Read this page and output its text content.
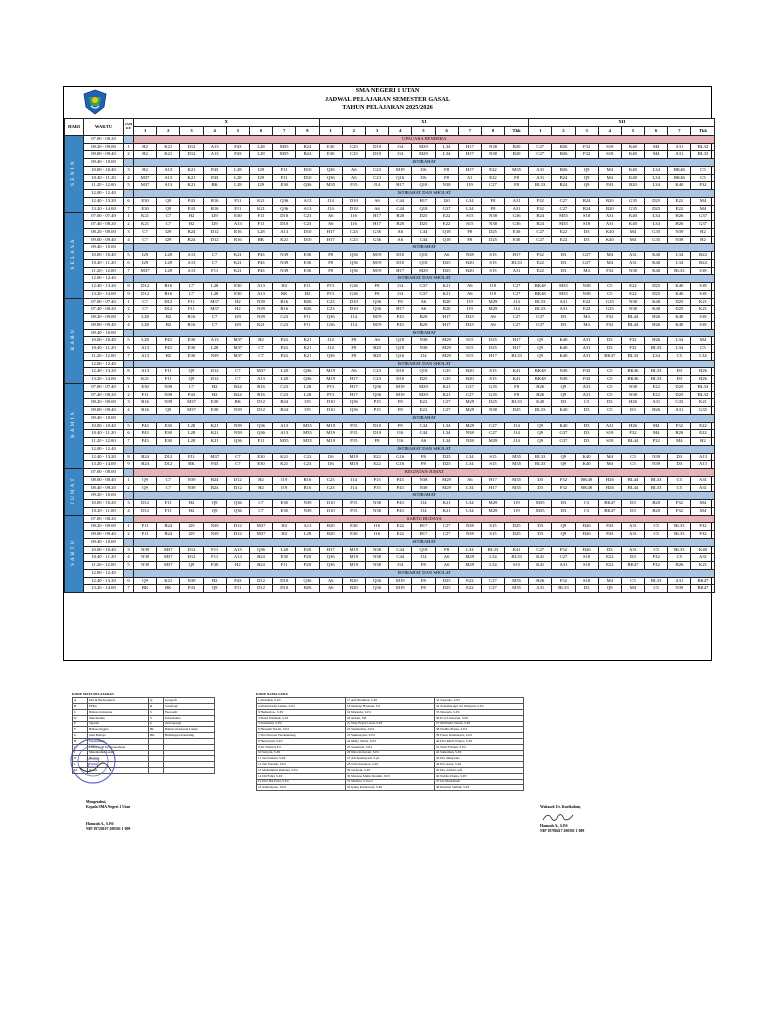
SMA NEGERI 1 UTAN
JADWAL PELAJARAN SEMESTER GASAL
TAHUN PELAJARAN 2025/2026
HARI	WAKTU	JAM KE	X								XI									XII								
			1	2	3	4	5	6	7	8	1	2	3	4	5	6	7	8	Tkk	1	2	3	4	5	6	7	Tkk	
S E N I N	07.00 - 08.20		UPACARA BENDERA																									
	08.20 - 09.00	1	H2	K21	D12	A13	P43	L28	M35	B24	E30	C23	D10	J14	M29	L34	H17	N38	B20	C27	H26	F32	S18	K40	M4	A31	BL33	
	09.00 - 09.40	2	H2	K21	D12	A13	P43	L28	M35	B24	E30	C23	D10	J14	M29	L34	H17	N38	B20	C27	H26	F32	S18	K40	M4	A31	BL33	
	09.40 - 10.00		ISTIRAHAT																									
	10.00 - 10.40	3	H2	A13	K21	P43	L28	I29	F11	D10	Q36	A6	C23	M19	I16	F8	H17	E22	M35	A31	H26	Q9	M4	K40	L34	BK46	C5	
	10.40 - 11.20	4	M37	A13	K21	P43	L28	I29	F11	D10	Q36	A6	C23	Q16	I16	F8	A1	E22	F8	A31	B24	Q9	M4	K40	L34	BK46	C5	
	11.20 - 12.00	5	M37	A13	K21	BK	L28	I29	E30	Q36	M35	P15	J14	H17	Q18	N38	I19	C27	F8	BL33	B24	Q9	P43	B20	L34	K40	F32	
	12.00 - 12.40		ISTIRAHAT DAN SHOLAT																									
	12.40 - 13.20	6	E30	Q9	P43	R16	F11	K21	Q36	A13	J14	D10	A6	C44	H17	I20	L34	F8	A31	F32	C27	B24	B20	G35	D25	E22	M4	
	13.20 - 14.00	7	E30	Q9	P43	R16	F11	K21	Q36	A13	J14	D10	A6	C44	Q18	G37	L34	F8	A31	F32	C27	B24	B20	G35	D25	E22	M4	
S E L A S A	07.00 - 07.40	1	K21	C7	H2	I29	E30	F11	D10	C23	A6	I16	H17	B20	D25	E22	S15	N38	G36	B24	M35	S18	A31	K40	L34	H26	G37	
	07.40 - 08.20	2	K21	C7	H2	I29	A13	F11	D10	C23	A6	I16	H17	B20	D25	E22	S15	N38	G36	B24	M35	S18	A31	K40	L34	H26	G37	
	08.20 - 09.00	3	C7	I29	B24	D12	R16	L28	A13	D10	H17	C23	G36	A6	C44	Q18	F8	D25	E30	C27	E22	D3	K40	M4	G35	N39	H2	
	09.00 - 09.40	4	C7	I29	B24	D12	R16	BK	K21	D10	H17	C23	G36	A6	C44	Q18	F8	D25	E30	C27	E22	D3	K40	M4	G35	N39	H2	
	09.40 - 10.00		ISTIRAHAT																									
	10.00 - 10.40	5	I29	L28	A13	C7	K21	P43	N39	E30	F8	Q36	M19	D10	Q18	A6	N38	S15	H17	F32	D3	G37	M4	A31	K40	L34	B24	
	10.40 - 11.20	6	I29	L28	A13	C7	K21	P43	N39	E30	F8	Q36	M19	D10	Q18	D25	B20	S15	BL33	E22	D3	G37	M4	A31	K40	L34	B24	
	11.20 - 12.00	7	M37	L28	A13	F11	K21	P43	N39	E30	F8	Q36	M19	H17	M29	D25	B20	S15	A31	E22	D3	M4	F32	N38	K40	BL33	S18	
	12.00 - 12.40		ISTIRAHAT DAN SHOLAT																									
	12.40 - 13.20	8	D12	R16	C7	L28	E30	A13	H2	F11	P15	G36	F8	J14	G37	K21	A6	I19	C27	BK48	M35	N38	C5	E22	D25	K40	S18	
	13.20 - 14.00	9	D12	R16	C7	L28	E30	A13	BK	H2	P15	G36	F8	J14	G37	K21	A6	I19	C27	BK48	M35	N38	C5	E22	D25	K40	S18	
R A B U	07.00 - 07.40	1	C7	D12	F11	M37	H2	N39	R16	H26	C23	D10	Q36	F8	A6	B20	I19	M29	J14	BL33	A31	E22	G35	N38	K40	D25	K21	
	07.40 - 08.20	2	C7	D12	F11	M37	H2	N39	R16	H26	C23	D10	Q36	H17	A6	B20	I19	M29	J14	BL33	A31	E22	G35	N38	K40	D25	K21	
	08.20 - 09.00	3	L28	H2	R16	C7	I29	N39	C23	F11	Q36	J14	M19	P43	B20	H17	D25	A6	C27	G37	D3	M4	F32	BL44	H26	K40	S18	
	09.00 - 09.40	4	L28	H2	R16	C7	I29	K21	C23	F11	G36	J14	M19	P43	B20	H17	D25	A6	C27	G37	D3	M4	F32	BL44	H26	K40	S18	
	09.40 - 10.00		ISTIRAHAT																									
	10.00 - 10.40	5	L28	P43	E30	A13	M37	H2	P24	K21	J14	F8	A6	Q18	N38	M29	S15	D25	H17	Q9	K40	A31	D3	F32	H26	L34	M4	
	10.40 - 11.20	6	A13	P43	E30	L28	M37	C7	P24	K21	J14	F8	B20	Q18	N38	M29	S15	D25	H17	Q9	K40	A31	D3	F32	BL33	L34	C5	
	11.20 - 12.00	7	A13	H2	E30	N39	M37	C7	P24	K21	Q36	F8	B20	Q16	J14	M29	S15	H17	BL33	Q9	K40	A31	BK47	BL33	L34	C5	L34	
	12.00 - 12.40		ISTIRAHAT DAN SHOLAT																									
	12.40 - 13.20	8	A13	F11	Q9	D12	C7	M37	L28	Q36	M19	A6	C23	D10	Q18	G35	B20	S15	K41	BK48	N38	P43	C5	BK46	BL33	D3	H26	
	13.20 - 14.00	9	K21	F11	Q9	D12	C7	A13	L28	Q36	M19	H17	C23	D10	D25	G35	B20	S15	K41	BK48	N38	P43	C5	BK46	BL33	D3	H26	
K A M I S	07.00 - 07.40	1	E30	N39	C7	H2	B24	R16	C23	L28	P15	H17	Q36	M19	M29	K21	G37	G35	F8	H26	Q9	A31	C5	N38	E22	D25	BL33	
	07.40 - 08.20	2	F11	N39	P43	H2	B24	R16	C23	L28	P15	H17	Q36	M19	M29	K21	C27	G35	F8	H26	Q9	A31	C5	N38	E22	D25	BL33	
	08.20 - 09.00	3	R16	N39	M37	E30	BK	D12	B24	I19	D10	Q36	P15	F8	E22	C27	M29	D25	BL33	K40	D3	C5	D3	H26	A31	G35	K21	
	09.00 - 09.40	4	R16	Q9	M37	E30	N39	D12	B24	I19	D10	Q36	P15	F8	E22	C27	M29	N38	D25	BL33	K40	D3	C5	D3	H26	A31	G35	
	09.40 - 10.00		ISTIRAHAT																									
	10.00 - 10.40	5	P43	E30	L28	K21	N39	Q36	A13	M35	M19	P15	D10	F8	C44	L34	M29	C27	J14	Q9	K40	D3	A31	H26	M4	F32	E22	
	10.40 - 11.20	6	P43	E30	L28	K21	N39	Q36	A13	M35	M19	P15	D10	I16	C44	L34	N38	C27	J14	Q9	G37	D3	S18	F32	M4	B20	E22	
	11.20 - 12.00	7	P43	E30	L28	K21	Q36	F11	M35	M35	M19	P15	F8	I16	A6	L34	N38	M29	J14	Q9	G37	D3	S18	BL44	F32	M4	H2	
	12.00 - 12.40		ISTIRAHAT DAN SHOLAT																									
	12.40 - 13.20	8	B24	D12	F11	M37	C7	E30	K21	C23	I16	M19	E22	G16	F8	D25	L34	S15	M35	BL33	Q9	K40	M4	C5	N39	D3	A13	
	13.20 - 14.00	9	B24	D12	BK	P43	C7	E30	K21	C23	I16	M19	E22	G16	F8	D25	L34	S15	M35	BL33	Q9	K40	M4	C5	N39	D3	A13	
J U M A T	07.00 - 08.00		KEGIATAN JUMAT																									
	08.00 - 08.40	1	Q9	C7	N39	B24	D12	H2	I19	R16	C23	J14	P15	P43	N38	M29	A6	H17	M35	D3	F32	BK48	H26	BL44	BL33	C5	A31	
	08.40 - 09.20	2	Q9	C7	N39	B24	D12	H2	I19	R16	C23	J14	P15	P43	N38	M29	L34	H17	M35	D3	F32	BK48	H26	BL44	BL33	C5	A31	
	09.20 - 10.00		ISTIRAHAT																									
	10.00 - 10.20	3	D12	F11	H2	Q9	Q36	C7	E30	N39	D10	P15	N38	P43	J14	K21	L34	M29	I19	M35	D3	C5	BK47	D3	B20	F32	M4	
	10.20 - 11.00	4	D12	F11	H2	Q9	Q36	C7	E30	N39	D10	P15	N38	P43	J14	K21	L34	M29	I19	M35	D3	C5	BK47	D3	B20	F32	M4	
S A B T U	07.00 - 08.20		SABTU BUDAYA																									
	08.20 - 09.00	1	F11	B24	I29	N39	D12	M37	H2	A13	B20	E30	I16	E22	H17	C27	N38	S15	D25	D3	Q9	H26	P43	A31	C5	BL33	F32	
	09.00 - 09.40	2	F11	B24	I29	N39	D12	M37	H2	L28	B20	E30	I16	E22	H17	C27	N38	S15	D25	D3	Q9	H26	P43	A31	C5	BL33	F32	
	09.40 - 10.00		ISTIRAHAT																									
	10.00 - 10.40	3	N39	M37	D12	F11	A15	Q36	L28	P20	H17	M19	N38	C44	Q18	F8	L34	BL33	K41	C27	F32	H26	D3	A31	C5	BL33	K40	
	10.40 - 11.20	4	N39	M37	D12	F11	A13	B24	E30	P20	Q36	M19	N38	C44	J14	A6	M29	L34	BL33	K41	C27	S18	E22	D3	F32	C5	A31	
	11.20 - 12.00	5	N39	M37	Q9	E30	H2	B24	F11	P20	Q36	M19	N38	J14	F8	A6	M29	L34	S15	K41	A31	S18	E22	BK47	F32	H26	K21	
	12.00 - 12.40		ISTIRAHAT DAN SHOLAT																									
	12.40 - 13.20	6	Q9	K21	N39	H2	P43	D12	D10	Q36	A6	B20	Q36	M19	F8	D25	E22	C27	M35	H26	F32	S18	M4	C5	BL33	A31	BK47	
	13.20 - 14.00	7	BK	BK	P43	Q9	F11	D12	D10	H26	A6	B20	Q36	M19	F8	D25	E22	C27	M35	A31	BL33	D3	Q9	M4	C5	N39	BK47	
KODE MATA PELAJARAN
A	PAI & Budi pekerti	Q	Geografi
B	PPKn	R	Sosiologi
C	Bahasa Indonesia	S	Ekonomi
D	Matematika	T	Informatika
E	Sejarah	U	Antropologi
F	Bahasa Inggris	BL	Bahasa Indonesia Lanjut
G	Seni Budaya	BK	Bimbingan Konseling
H	Penjasorkes		
I	Prakarya & Kewirausahaan		
J	Matematika Lanjut		
K	Biologi		
L	Fisika		
M	Kimia		
KODE NAMA GURU
1 Abdullah, S.Pd	17 Arif Budiman, S.Pd	33 Suryanto, S.Pd
2 Abdul Kadir Lamau, S.Pd	18 Nurinag Hasanah, S.S	34 St.Kadek Ayu Sri Wahyuni, S.Pd
3 Hamzah A., S.Pd	19 Markaba, S.Pd	35 Nurnaris, S.Pd
4 Yusuf Wahidah, S.Pd	20 Ardani, SH	36 Evra Lisnawati, S.Pd
5 Suhaiman, S.Pd	21 Tedy Feyrir Utedo S.Pd	37 Mut'Nafri Santin, S.Pd
6 Hasanah Nurlia, S.Pd	22 Susmarlina, S.Pd	38 Nadina Elaina, S.Pd
7 Dra.Wiwana Pandelainang	23 Sukisasyani, S.Pd	39 Fanza Kumalasari, S.Pd
8 Herniyanti, S.Pd	24 Melly Salina, S.Pd	40 Dwi Murti Wijaya, S.Pd
9 Sri Wisnu S.Pd	25 Susiernan, S.Pd	41 Tania Fitriani, S.Pd
10 Suryani, S.Pd	26 Nina Indrayani, S.Pd	42 Suherman, S.Pd
11 Sesi Kurnia, S.Pd	27 Adi Kusmayadi, S.pd	43 Drs. Mulyadao
12 Teti Wardah, S.Pd	28 Trini Susanton, S.Pd	44 Eria Astra, S.Pd
13 Muhammad Ramdan, S.Pd	29 Suriyani, S.Pd	45 Drs. Abdul Latif
14 Idil Fahri, S.Pd	30 Mariana Malik Ibrahim, S.Pd	46 Nabila Ulama, S.Pd
15 Dwi Hal Putri, S.Pd	31 Mutiara, S.Sos.I	47 Ida Muzhainah
16 Asmudyono, S.Pd	32 Ipung Kurniawan, S.Pd	48 Kusnina Sumini, S.Pd
Mengetahui,
Kepala SMA Negeri 1 Utan
Hamzah A., S.Pd
NIP 19720107 200501 1 009
Wakasek Ur. Kurikulum,
Hamzah A., S.Pd
NIP 19780417 200501 1 009
